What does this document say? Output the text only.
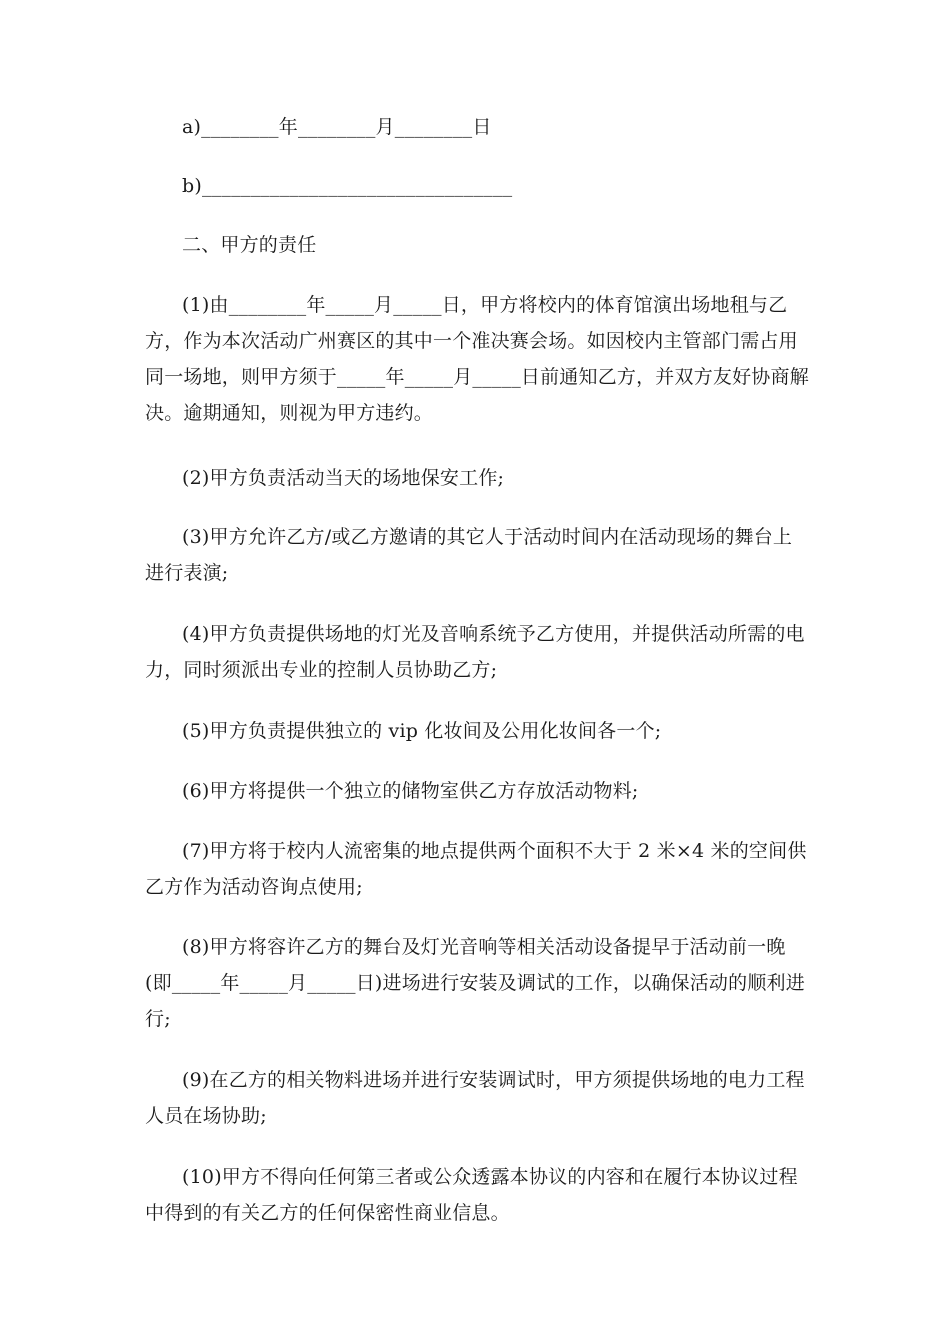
a)________年________月________日
b)________________________________
二、甲方的责任
(1)由________年_____月_____日，甲方将校内的体育馆演出场地租与乙
方，作为本次活动广州赛区的其中一个准决赛会场。如因校内主管部门需占用
同一场地，则甲方须于_____年_____月_____日前通知乙方，并双方友好协商解
决。逾期通知，则视为甲方违约。
(2)甲方负责活动当天的场地保安工作;
(3)甲方允许乙方/或乙方邀请的其它人于活动时间内在活动现场的舞台上
进行表演;
(4)甲方负责提供场地的灯光及音响系统予乙方使用，并提供活动所需的电
力，同时须派出专业的控制人员协助乙方;
(5)甲方负责提供独立的 vip 化妆间及公用化妆间各一个;
(6)甲方将提供一个独立的储物室供乙方存放活动物料;
(7)甲方将于校内人流密集的地点提供两个面积不大于 2 米×4 米的空间供
乙方作为活动咨询点使用;
(8)甲方将容许乙方的舞台及灯光音响等相关活动设备提早于活动前一晚
(即_____年_____月_____日)进场进行安装及调试的工作，以确保活动的顺利进
行;
(9)在乙方的相关物料进场并进行安装调试时，甲方须提供场地的电力工程
人员在场协助;
(10)甲方不得向任何第三者或公众透露本协议的内容和在履行本协议过程
中得到的有关乙方的任何保密性商业信息。
